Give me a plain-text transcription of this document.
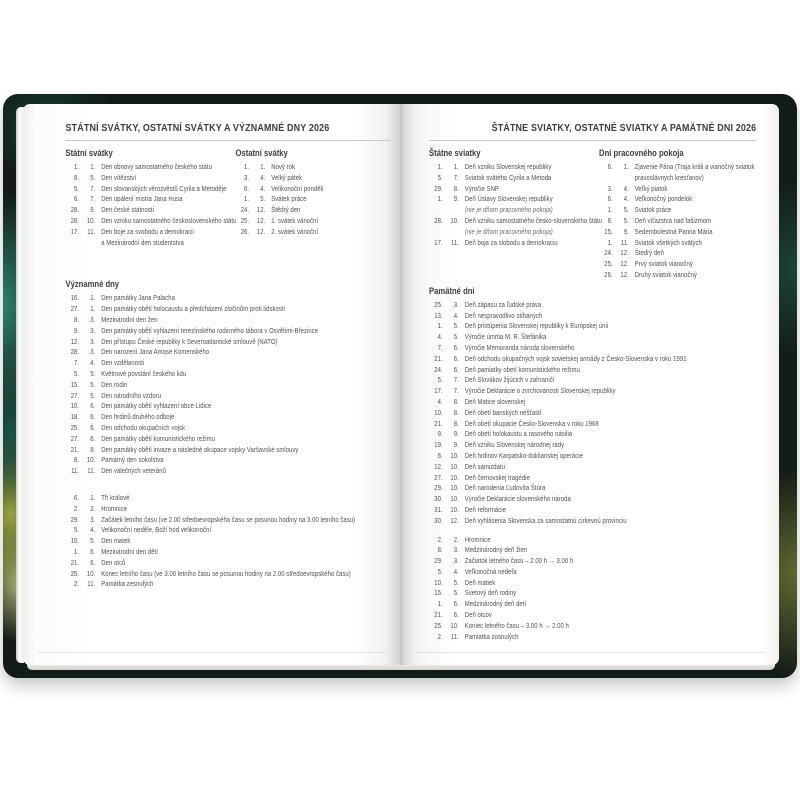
STÁTNÍ SVÁTKY, OSTATNÍ SVÁTKY A VÝZNAMNÉ DNY 2026
Státní svátky
1.	1. Den obnovy samostatného českého státu
8.	5. Den vítězství
5.	7. Den slovanských věrozvěstů Cyrila a Metoděje
6.	7. Den upálení mistra Jana Husa
28.	9. Den české státnosti
28.	10. Den vzniku samostatného československého státu
17.	11. Den boje za svobodu a demokracii
a Mezinárodní den studentstva
Ostatní svátky
1.	1. Nový rok
3.	4. Velký pátek
6.	4. Velikonoční pondělí
1.	5. Svátek práce
24.	12. Štědrý den
25.	12. 1. svátek vánoční
26.	12. 2. svátek vánoční
Významné dny
16.	1. Den památky Jana Palacha
27.	1. Den památky obětí holocaustu a předcházení zločinům proti lidskosti
8.	3. Mezinárodní den žen
9.	3. Den památky obětí vyhlazení terezínského rodinného tábora v Osvětimi-Březince
12.	3. Den přístupu České republiky k Severoatlantické smlouvě (NATO)
28.	3. Den narození Jana Amose Komenského
7.	4. Den vzdělanosti
5.	5. Květnové povstání českého lidu
15.	5. Den rodin
27.	5. Den národního vzdoru
10.	6. Den památky obětí vyhlazení obce Lidice
18.	6. Den hrdinů druhého odboje
25.	6. Den odchodu okupačních vojsk
27.	6. Den památky obětí komunistického režimu
21.	8. Den památky obětí invaze a následné okupace vojsky Varšavské smlouvy
8.	10. Památný den sokolstva
11.	11. Den válečných veteránů
6.	1. Tři králové
2.	2. Hromnice
29.	3. Začátek letního času (ve 2.00 středoevropského času se posunou hodiny na 3.00 letního času)
5.	4. Velikonoční neděle, Boží hod velikonoční
10.	5. Den matek
1.	6. Mezinárodní den dětí
21.	6. Den otců
25.	10. Konec letního času (ve 3.00 letního času se posunou hodiny na 2.00 středoevropského času)
2.	11. Památka zesnulých
ŠTÁTNE SVIATKY, OSTATNÉ SVIATKY A PAMÄTNÉ DNI 2026
Štátne sviatky
1.	1. Deň vzniku Slovenskej republiky
5.	7. Sviatok svätého Cyrila a Metoda
29.	8. Výročie SNP
1.	9. Deň Ústavy Slovenskej republiky
(nie je dňom pracovného pokoja)
28.	10. Deň vzniku samostatného česko-slovenského štátu
(nie je dňom pracovného pokoja)
17.	11. Deň boja za slobodu a demokraciu
Dni pracovného pokoja
6.	1. Zjavenie Pána (Traja králi a vianočný sviatok
pravoslávnych kresťanov)
3.	4. Veľký piatok
6.	4. Veľkonočný pondelok
1.	5. Sviatok práce
8.	5. Deň víťazstva nad fašizmom
15.	9. Sedembolestná Panna Mária
1.	11. Sviatok všetkých svätých
24.	12. Štedrý deň
25.	12. Prvý sviatok vianočný
26.	12. Druhý sviatok vianočný
Pamätné dni
25.	3. Deň zápasu za ľudské práva
13.	4. Deň nespravodlivo stíhaných
1.	5. Deň pristúpenia Slovenskej republiky k Európskej únii
4.	5. Výročie úmrtia M. R. Štefánika
7.	6. Výročie Memoranda národa slovenského
21.	6. Deň odchodu okupačných vojsk sovietskej armády z Česko-Slovenska v roku 1991
24.	6. Deň pamiatky obetí komunistického režimu
5.	7. Deň Slovákov žijúcich v zahraničí
17.	7. Výročie Deklarácie o zvrchovanosti Slovenskej republiky
4.	8. Deň Matice slovenskej
10.	8. Deň obetí banských nešťastí
21.	8. Deň obetí okupácie Česko-Slovenska v roku 1968
9.	9. Deň obetí holokaustu a rasového násilia
19.	9. Deň vzniku Slovenskej národnej rady
6.	10. Deň hrdinov Karpatsko-duklianskej operácie
12.	10. Deň samizdatu
27.	10. Deň černovskej tragédie
29.	10. Deň narodenia Ľudovíta Štúra
30.	10. Výročie Deklarácie slovenského národa
31.	10. Deň reformácie
30.	12. Deň vyhlásenia Slovenska za samostatnú cirkevnú provinciu
2.	2. Hromnice
8.	3. Medzinárodný deň žien
29.	3. Začiatok letného času – 2.00 h → 3.00 h
5.	4. Veľkonočná nedeľa
10.	5. Deň matiek
15.	5. Svetový deň rodiny
1.	6. Medzinárodný deň detí
21.	6. Deň otcov
25.	10. Koniec letného času – 3.00 h → 2.00 h
2.	11. Pamiatka zosnulých
